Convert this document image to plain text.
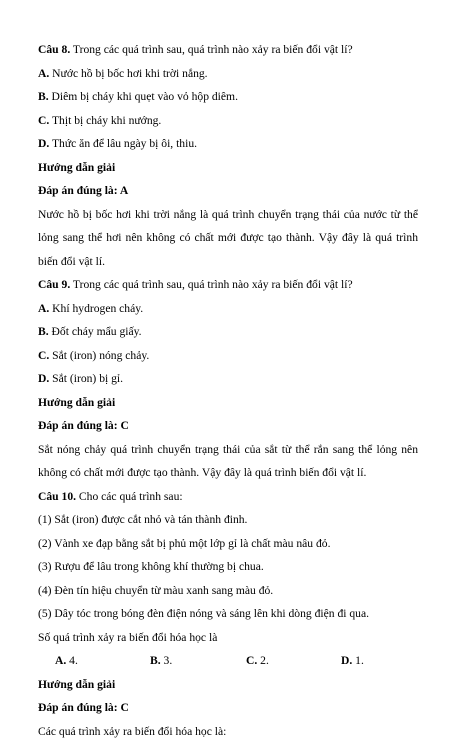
Câu 8. Trong các quá trình sau, quá trình nào xảy ra biến đổi vật lí?
A. Nước hồ bị bốc hơi khi trời nắng.
B. Diêm bị cháy khi quẹt vào vỏ hộp diêm.
C. Thịt bị cháy khi nướng.
D. Thức ăn để lâu ngày bị ôi, thiu.
Hướng dẫn giải
Đáp án đúng là: A
Nước hồ bị bốc hơi khi trời nắng là quá trình chuyển trạng thái của nước từ thể lỏng sang thể hơi nên không có chất mới được tạo thành. Vậy đây là quá trình biến đổi vật lí.
Câu 9. Trong các quá trình sau, quá trình nào xảy ra biến đổi vật lí?
A. Khí hydrogen cháy.
B. Đốt cháy mẩu giấy.
C. Sắt (iron) nóng chảy.
D. Sắt (iron) bị gỉ.
Hướng dẫn giải
Đáp án đúng là: C
Sắt nóng chảy quá trình chuyển trạng thái của sắt từ thể rắn sang thể lỏng nên không có chất mới được tạo thành. Vậy đây là quá trình biến đổi vật lí.
Câu 10. Cho các quá trình sau:
(1) Sắt (iron) được cắt nhỏ và tán thành đinh.
(2) Vành xe đạp bằng sắt bị phủ một lớp gỉ là chất màu nâu đỏ.
(3) Rượu để lâu trong không khí thường bị chua.
(4) Đèn tín hiệu chuyển từ màu xanh sang màu đỏ.
(5) Dây tóc trong bóng đèn điện nóng và sáng lên khi dòng điện đi qua.
Số quá trình xảy ra biến đổi hóa học là
A. 4.	B. 3.	C. 2.	D. 1.
Hướng dẫn giải
Đáp án đúng là: C
Các quá trình xảy ra biến đổi hóa học là:
